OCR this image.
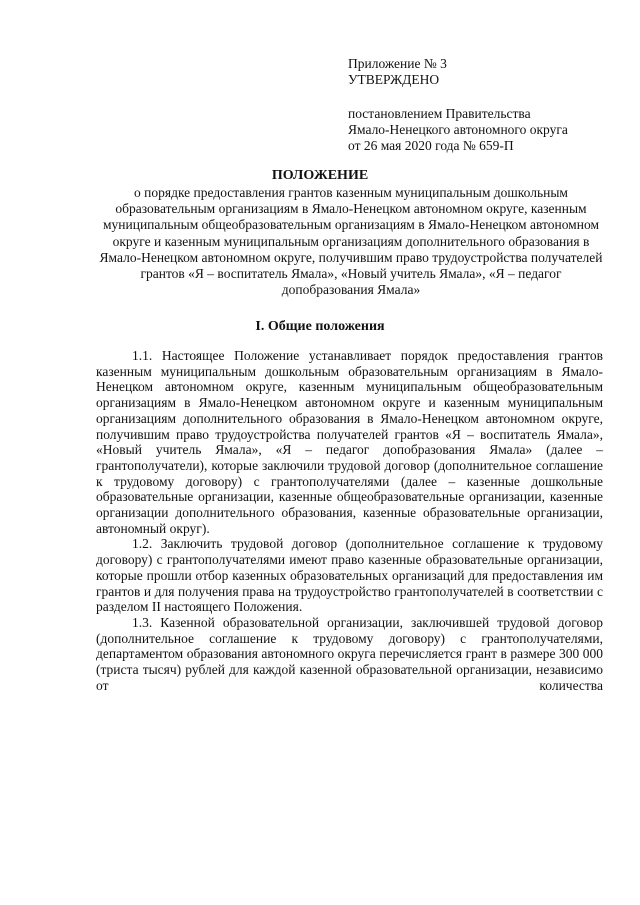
Приложение № 3
УТВЕРЖДЕНО
постановлением Правительства
Ямало-Ненецкого автономного округа
от 26 мая 2020 года № 659-П
ПОЛОЖЕНИЕ
о порядке предоставления грантов казенным муниципальным дошкольным образовательным организациям в Ямало-Ненецком автономном округе, казенным муниципальным общеобразовательным организациям в Ямало-Ненецком автономном округе и казенным муниципальным организациям дополнительного образования в Ямало-Ненецком автономном округе, получившим право трудоустройства получателей грантов «Я – воспитатель Ямала», «Новый учитель Ямала», «Я – педагог допобразования Ямала»
I. Общие положения

1.1. Настоящее Положение устанавливает порядок предоставления грантов казенным муниципальным дошкольным образовательным организациям в Ямало-Ненецком автономном округе, казенным муниципальным общеобразовательным организациям в Ямало-Ненецком автономном округе и казенным муниципальным организациям дополнительного образования в Ямало-Ненецком автономном округе, получившим право трудоустройства получателей грантов «Я – воспитатель Ямала», «Новый учитель Ямала», «Я – педагог допобразования Ямала» (далее – грантополучатели), которые заключили трудовой договор (дополнительное соглашение к трудовому договору) с грантополучателями (далее – казенные дошкольные образовательные организации, казенные общеобразовательные организации, казенные организации дополнительного образования, казенные образовательные организации, автономный округ).

1.2. Заключить трудовой договор (дополнительное соглашение к трудовому договору) с грантополучателями имеют право казенные образовательные организации, которые прошли отбор казенных образовательных организаций для предоставления им грантов и для получения права на трудоустройство грантополучателей в соответствии с разделом II настоящего Положения.

1.3. Казенной образовательной организации, заключившей трудовой договор (дополнительное соглашение к трудовому договору) с грантополучателями, департаментом образования автономного округа перечисляется грант в размере 300 000 (триста тысяч) рублей для каждой казенной образовательной организации, независимо от количества
